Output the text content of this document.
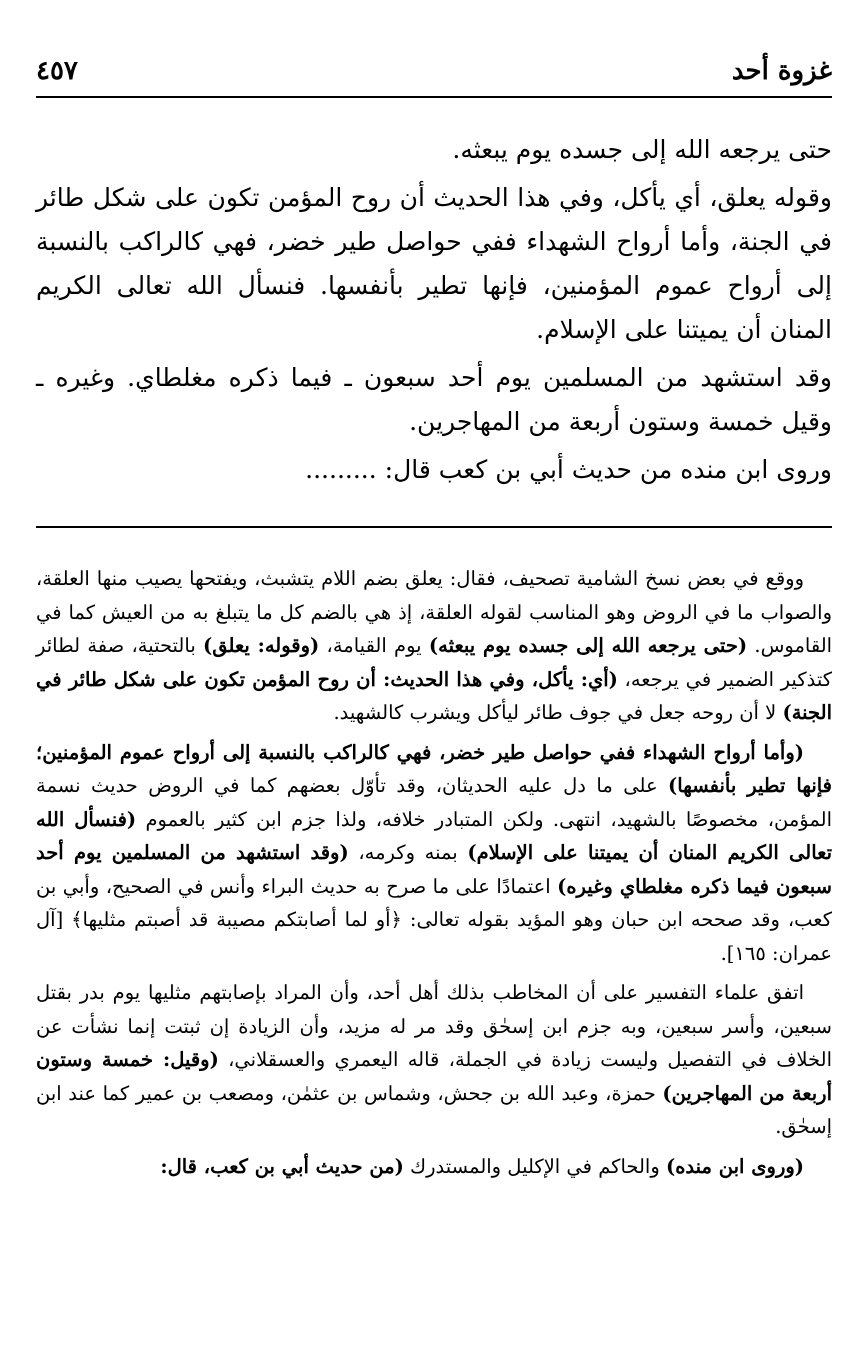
غزوة أحد
٤٥٧

حتى يرجعه الله إلى جسده يوم يبعثه.

وقوله يعلق، أي يأكل، وفي هذا الحديث أن روح المؤمن تكون على شكل طائر في الجنة، وأما أرواح الشهداء ففي حواصل طير خضر، فهي كالراكب بالنسبة إلى أرواح عموم المؤمنين، فإنها تطير بأنفسها. فنسأل الله تعالى الكريم المنان أن يميتنا على الإسلام.

وقد استشهد من المسلمين يوم أحد سبعون ـ فيما ذكره مغلطاي. وغيره ـ وقيل خمسة وستون أربعة من المهاجرين.

وروى ابن منده من حديث أبي بن كعب قال: .........

ووقع في بعض نسخ الشامية تصحيف، فقال: يعلق بضم اللام يتشبث، ويفتحها يصيب منها العلقة، والصواب ما في الروض وهو المناسب لقوله العلقة، إذ هي بالضم كل ما يتبلغ به من العيش كما في القاموس. (حتى يرجعه الله إلى جسده يوم يبعثه) يوم القيامة، (وقوله: يعلق) بالتحتية، صفة لطائر كتذكير الضمير في يرجعه، (أي: يأكل، وفي هذا الحديث: أن روح المؤمن تكون على شكل طائر في الجنة) لا أن روحه جعل في جوف طائر ليأكل ويشرب كالشهيد.

(وأما أرواح الشهداء ففي حواصل طير خضر، فهي كالراكب بالنسبة إلى أرواح عموم المؤمنين؛ فإنها تطير بأنفسها) على ما دل عليه الحديثان، وقد تأوّل بعضهم كما في الروض حديث نسمة المؤمن، مخصوصًا بالشهيد، انتهى. ولكن المتبادر خلافه، ولذا جزم ابن كثير بالعموم (فنسأل الله تعالى الكريم المنان أن يميتنا على الإسلام) بمنه وكرمه، (وقد استشهد من المسلمين يوم أحد سبعون فيما ذكره مغلطاي وغيره) اعتمادًا على ما صرح به حديث البراء وأنس في الصحيح، وأبي بن كعب، وقد صححه ابن حبان وهو المؤيد بقوله تعالى: ﴿أو لما أصابتكم مصيبة قد أصبتم مثليها﴾ [آل عمران: ١٦٥].

اتفق علماء التفسير على أن المخاطب بذلك أهل أحد، وأن المراد بإصابتهم مثليها يوم بدر بقتل سبعين، وأسر سبعين، وبه جزم ابن إسحٰق وقد مر له مزيد، وأن الزيادة إن ثبتت إنما نشأت عن الخلاف في التفصيل وليست زيادة في الجملة، قاله اليعمري والعسقلاني، (وقيل: خمسة وستون أربعة من المهاجرين) حمزة، وعبد الله بن جحش، وشماس بن عثمٰن، ومصعب بن عمير كما عند ابن إسحٰق.

(وروى ابن منده) والحاكم في الإكليل والمستدرك (من حديث أبي بن كعب، قال:
